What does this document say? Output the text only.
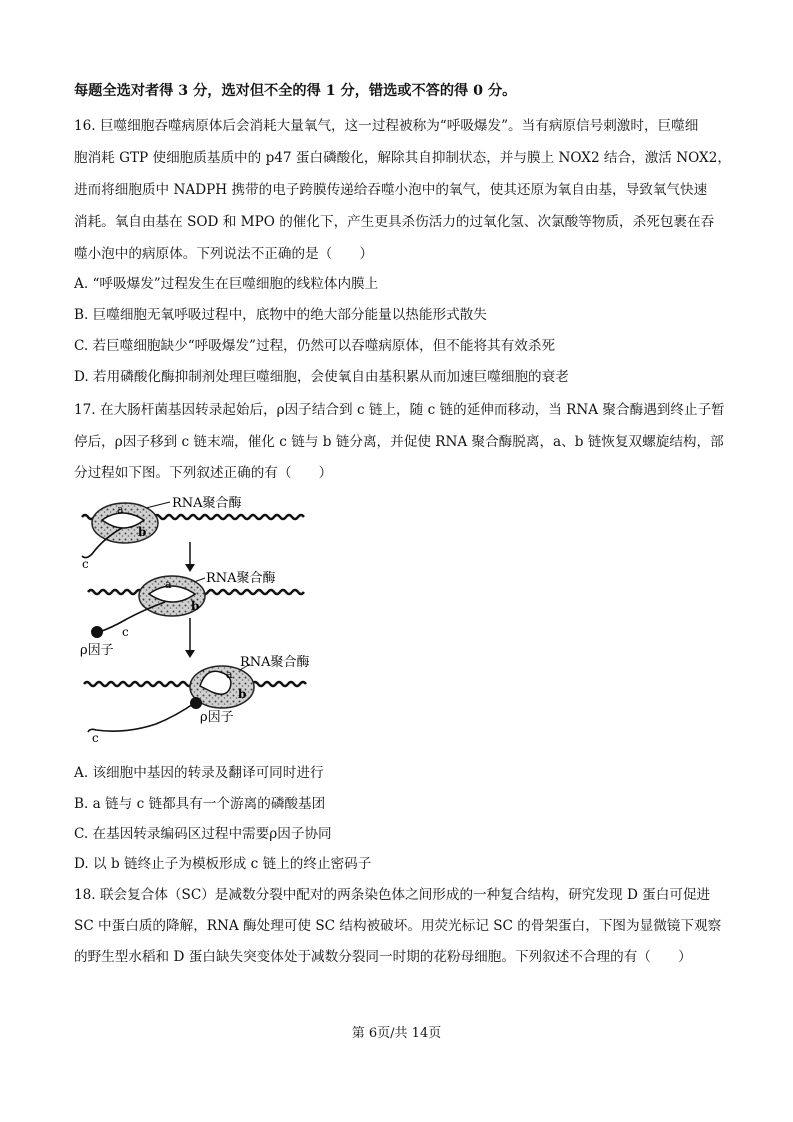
每题全选对者得 3 分，选对但不全的得 1 分，错选或不答的得 0 分。
16. 巨噬细胞吞噬病原体后会消耗大量氧气，这一过程被称为“呼吸爆发”。当有病原信号刺激时，巨噬细
胞消耗 GTP 使细胞质基质中的 p47 蛋白磷酸化，解除其自抑制状态，并与膜上 NOX2 结合，激活 NOX2，
进而将细胞质中 NADPH 携带的电子跨膜传递给吞噬小泡中的氧气，使其还原为氧自由基，导致氧气快速
消耗。氧自由基在 SOD 和 MPO 的催化下，产生更具杀伤活力的过氧化氢、次氯酸等物质，杀死包裹在吞
噬小泡中的病原体。下列说法不正确的是（　　）
A. “呼吸爆发”过程发生在巨噬细胞的线粒体内膜上
B. 巨噬细胞无氧呼吸过程中，底物中的绝大部分能量以热能形式散失
C. 若巨噬细胞缺少“呼吸爆发”过程，仍然可以吞噬病原体，但不能将其有效杀死
D. 若用磷酸化酶抑制剂处理巨噬细胞，会使氧自由基积累从而加速巨噬细胞的衰老
17. 在大肠杆菌基因转录起始后，ρ因子结合到 c 链上，随 c 链的延伸而移动，当 RNA 聚合酶遇到终止子暂
停后，ρ因子移到 c 链末端，催化 c 链与 b 链分离，并促使 RNA 聚合酶脱离，a、b 链恢复双螺旋结构，部
分过程如下图。下列叙述正确的有（　　）
RNA聚合酶
a
b
c
RNA聚合酶
a
b
c
ρ因子
RNA聚合酶
a
b
ρ因子
c
A. 该细胞中基因的转录及翻译可同时进行
B. a 链与 c 链都具有一个游离的磷酸基团
C. 在基因转录编码区过程中需要ρ因子协同
D. 以 b 链终止子为模板形成 c 链上的终止密码子
18. 联会复合体（SC）是减数分裂中配对的两条染色体之间形成的一种复合结构，研究发现 D 蛋白可促进
SC 中蛋白质的降解，RNA 酶处理可使 SC 结构被破坏。用荧光标记 SC 的骨架蛋白，下图为显微镜下观察
的野生型水稻和 D 蛋白缺失突变体处于减数分裂同一时期的花粉母细胞。下列叙述不合理的有（　　）
第 6页/共 14页
